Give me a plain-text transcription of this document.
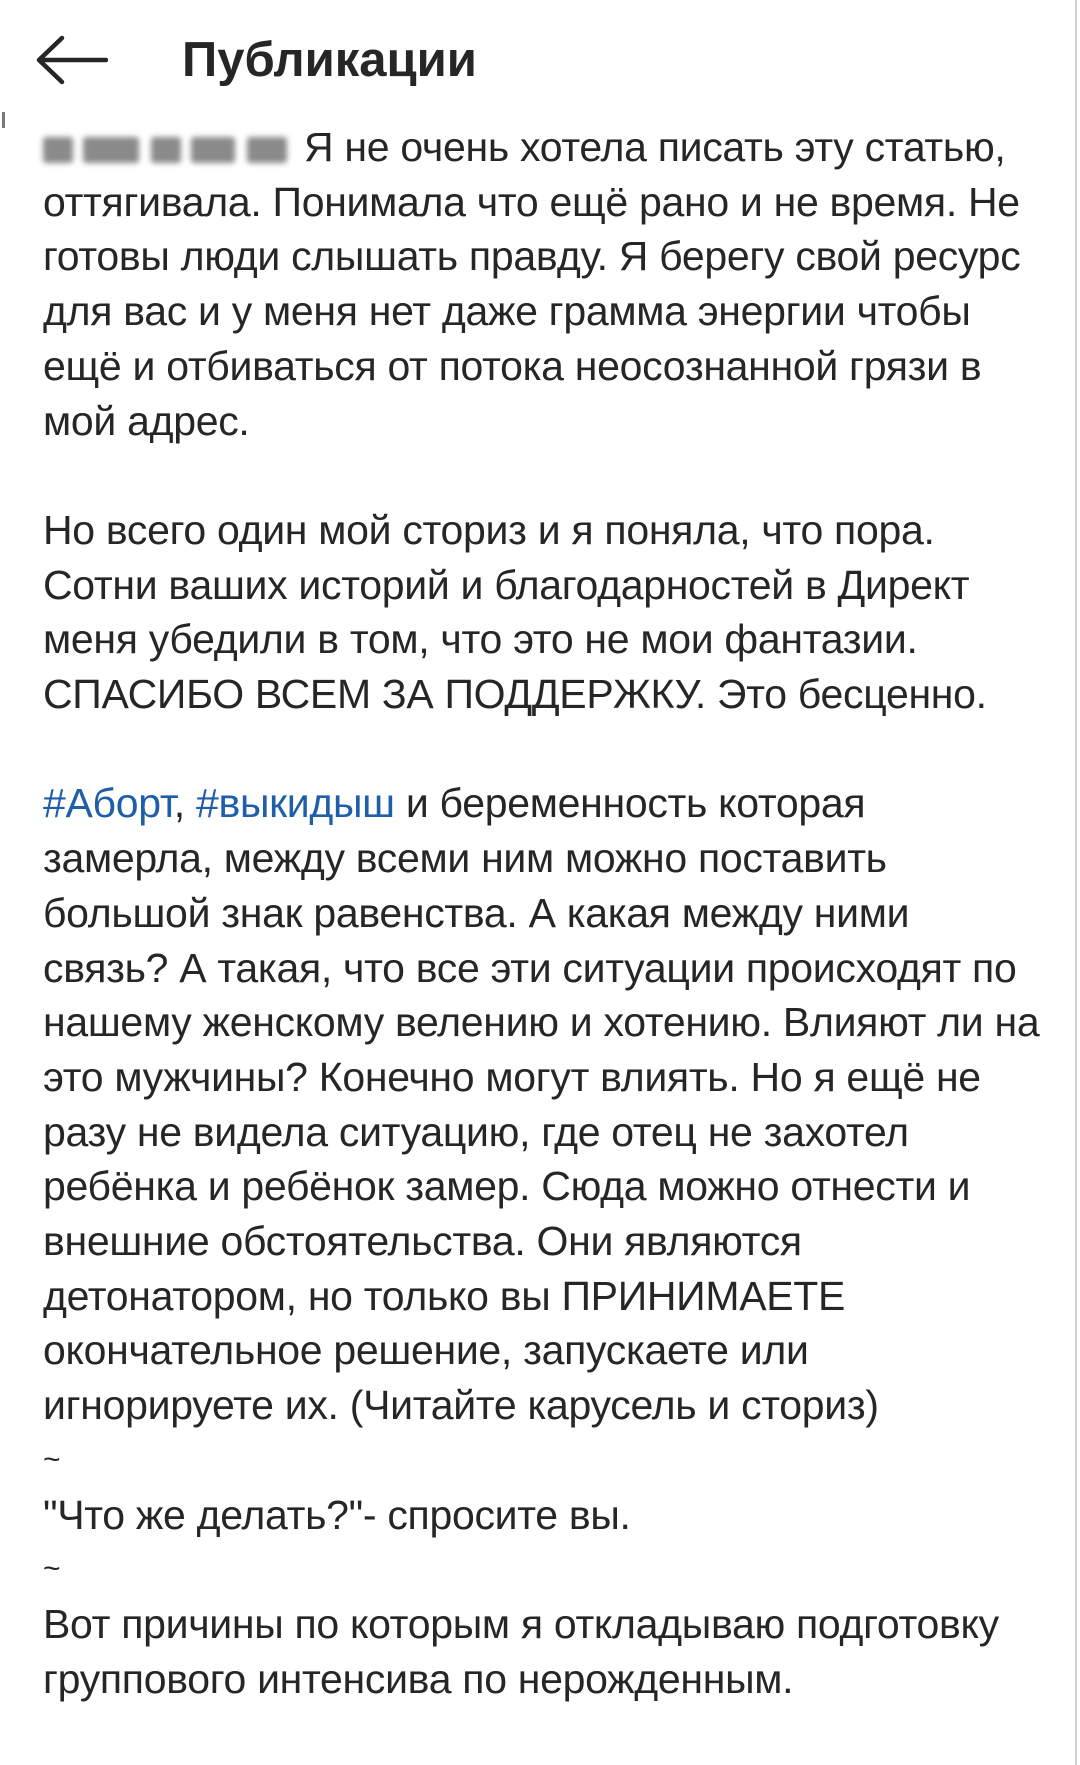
Публикации

Я не очень хотела писать эту статью, оттягивала. Понимала что ещё рано и не время. Не готовы люди слышать правду. Я берегу свой ресурс для вас и у меня нет даже грамма энергии чтобы ещё и отбиваться от потока неосознанной грязи в мой адрес.

Но всего один мой сториз и я поняла, что пора. Сотни ваших историй и благодарностей в Директ меня убедили в том, что это не мои фантазии. СПАСИБО ВСЕМ ЗА ПОДДЕРЖКУ. Это бесценно.

#Аборт, #выкидыш и беременность которая замерла, между всеми ним можно поставить большой знак равенства. А какая между ними связь? А такая, что все эти ситуации происходят по нашему женскому велению и хотению. Влияют ли на это мужчины? Конечно могут влиять. Но я ещё не разу не видела ситуацию, где отец не захотел ребёнка и ребёнок замер. Сюда можно отнести и внешние обстоятельства. Они являются детонатором, но только вы ПРИНИМАЕТЕ окончательное решение, запускаете или игнорируете их. (Читайте карусель и сториз)

~

"Что же делать?"- спросите вы.

~

Вот причины по которым я откладываю подготовку группового интенсива по нерожденным.
